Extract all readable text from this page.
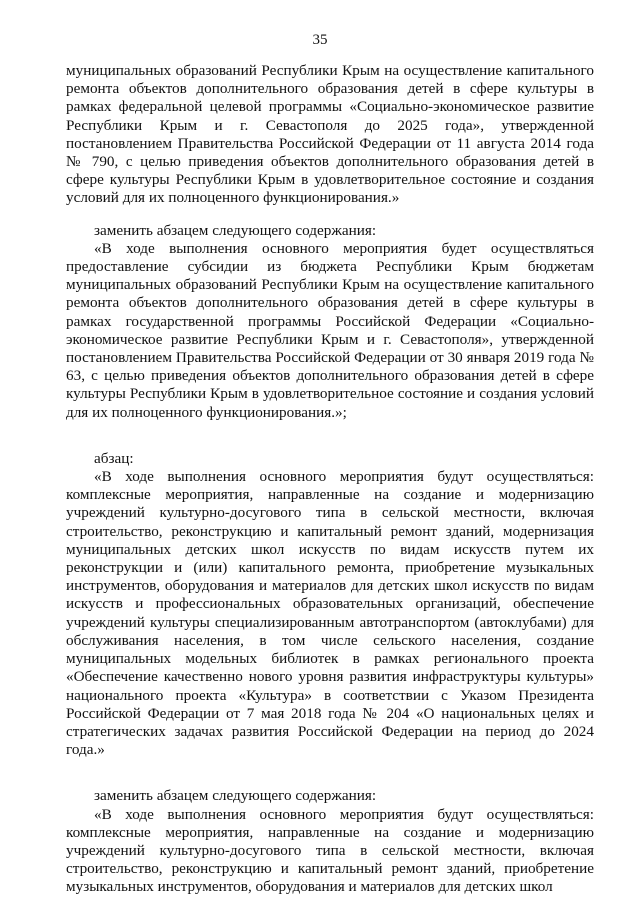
35

муниципальных образований Республики Крым на осуществление капитального ремонта объектов дополнительного образования детей в сфере культуры в рамках федеральной целевой программы «Социально-экономическое развитие Республики Крым и г. Севастополя до 2025 года», утвержденной постановлением Правительства Российской Федерации от 11 августа 2014 года № 790, с целью приведения объектов дополнительного образования детей в сфере культуры Республики Крым в удовлетворительное состояние и создания условий для их полноценного функционирования.»

заменить абзацем следующего содержания:

«В ходе выполнения основного мероприятия будет осуществляться предоставление субсидии из бюджета Республики Крым бюджетам муниципальных образований Республики Крым на осуществление капитального ремонта объектов дополнительного образования детей в сфере культуры в рамках государственной программы Российской Федерации «Социально-экономическое развитие Республики Крым и г. Севастополя», утвержденной постановлением Правительства Российской Федерации от 30 января 2019 года № 63, с целью приведения объектов дополнительного образования детей в сфере культуры Республики Крым в удовлетворительное состояние и создания условий для их полноценного функционирования.»;

абзац:

«В ходе выполнения основного мероприятия будут осуществляться: комплексные мероприятия, направленные на создание и модернизацию учреждений культурно-досугового типа в сельской местности, включая строительство, реконструкцию и капитальный ремонт зданий, модернизация муниципальных детских школ искусств по видам искусств путем их реконструкции и (или) капитального ремонта, приобретение музыкальных инструментов, оборудования и материалов для детских школ искусств по видам искусств и профессиональных образовательных организаций, обеспечение учреждений культуры специализированным автотранспортом (автоклубами) для обслуживания населения, в том числе сельского населения, создание муниципальных модельных библиотек в рамках регионального проекта «Обеспечение качественно нового уровня развития инфраструктуры культуры» национального проекта «Культура» в соответствии с Указом Президента Российской Федерации от 7 мая 2018 года № 204 «О национальных целях и стратегических задачах развития Российской Федерации на период до 2024 года.»

заменить абзацем следующего содержания:

«В ходе выполнения основного мероприятия будут осуществляться: комплексные мероприятия, направленные на создание и модернизацию учреждений культурно-досугового типа в сельской местности, включая строительство, реконструкцию и капитальный ремонт зданий, приобретение музыкальных инструментов, оборудования и материалов для детских школ
